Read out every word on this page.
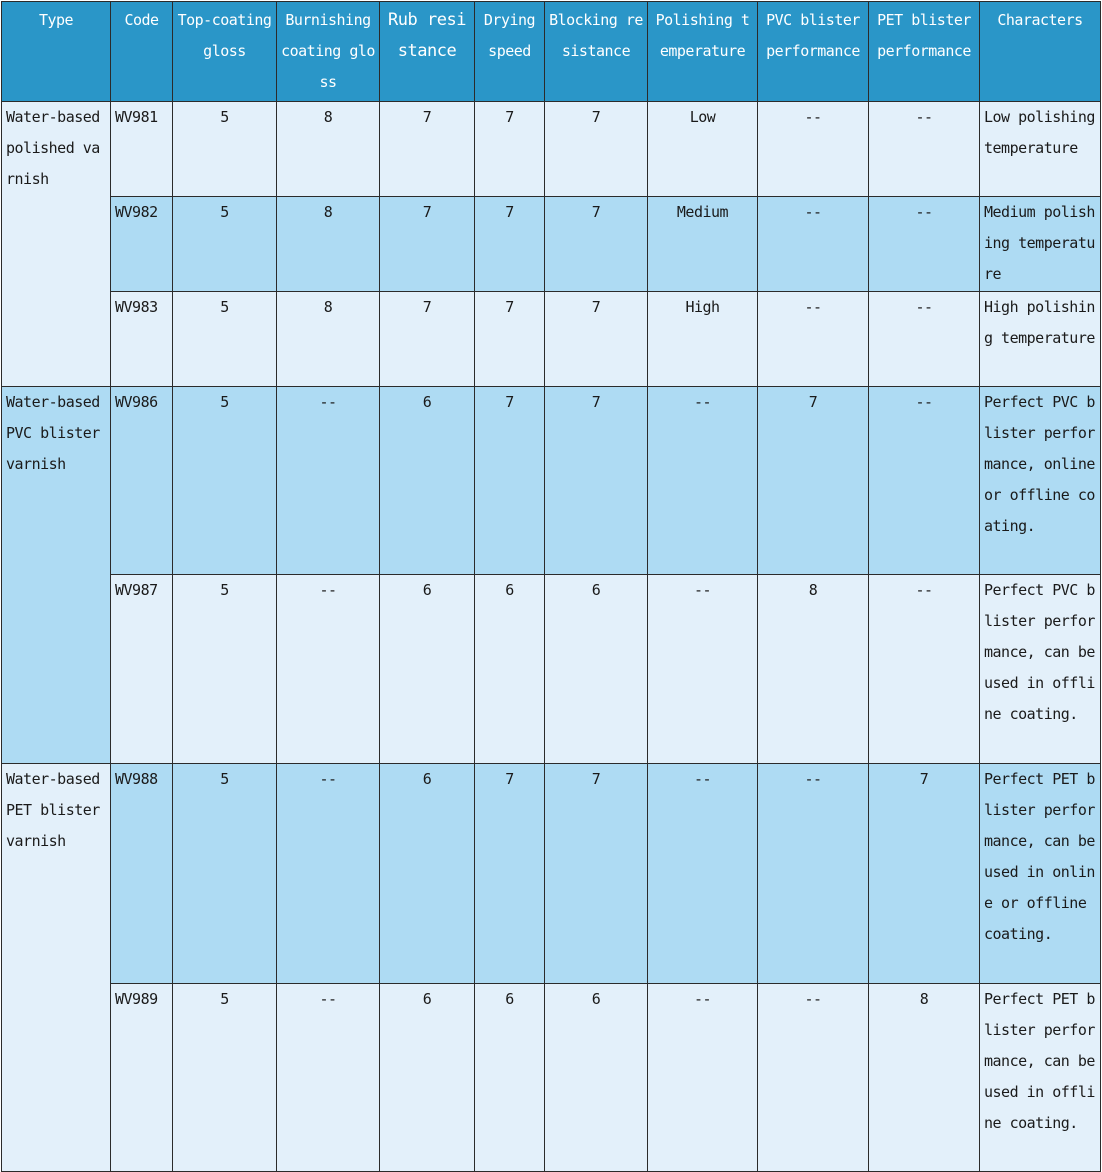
Type	Code	Top-coating gloss	Burnishing coating gloss	Rub resistance	Drying speed	Blocking resistance	Polishing temperature	PVC blister performance	PET blister performance	Characters
Water-based polished varnish	WV981	5	8	7	7	7	Low	--	--	Low polishing temperature
	WV982	5	8	7	7	7	Medium	--	--	Medium polishing temperature
	WV983	5	8	7	7	7	High	--	--	High polishing temperature
Water-based PVC blister varnish	WV986	5	--	6	7	7	--	7	--	Perfect PVC blister performance, online or offline coating.
	WV987	5	--	6	6	6	--	8	--	Perfect PVC blister performance, can be used in offline coating.
Water-based PET blister varnish	WV988	5	--	6	7	7	--	--	7	Perfect PET blister performance, can be used in online or offline coating.
	WV989	5	--	6	6	6	--	--	8	Perfect PET blister performance, can be used in offline coating.
